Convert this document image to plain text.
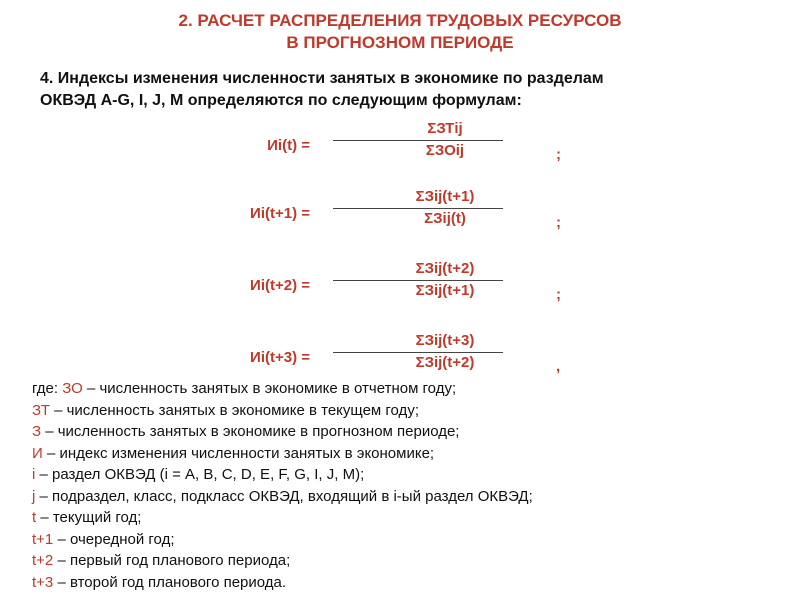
2. РАСЧЕТ РАСПРЕДЕЛЕНИЯ ТРУДОВЫХ РЕСУРСОВ
В ПРОГНОЗНОМ ПЕРИОДЕ
4. Индексы изменения численности занятых в экономике по разделам
ОКВЭД А-G, I, J, М определяются по следующим формулам:
Иi(t) =
ΣЗТij
ΣЗОij	;
Иi(t+1) =
ΣЗij(t+1)
ΣЗij(t)	;
Иi(t+2) =
ΣЗij(t+2)
ΣЗij(t+1)	;
Иi(t+3) =
ΣЗij(t+3)
ΣЗij(t+2)	,
где: ЗО – численность занятых в экономике в отчетном году;
ЗТ – численность занятых в экономике в текущем году;
З – численность занятых в экономике в прогнозном периоде;
И – индекс изменения численности занятых в экономике;
i – раздел ОКВЭД (i = А, В, С, D, E, F, G, I, J, M);
j – подраздел, класс, подкласс ОКВЭД, входящий в i-ый раздел ОКВЭД;
t – текущий год;
t+1 – очередной год;
t+2 – первый год планового периода;
t+3 – второй год планового периода.
